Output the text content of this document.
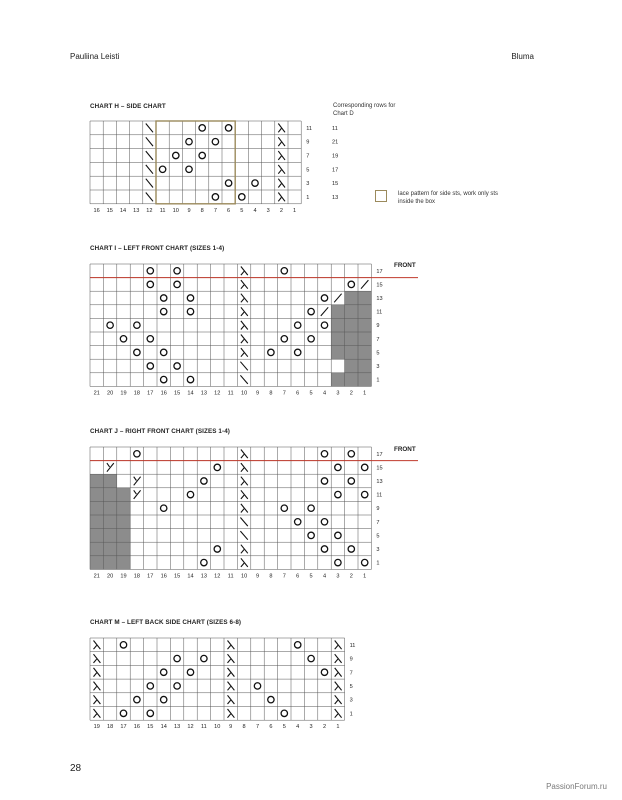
Pauliina Leisti	Bluma
CHART H – SIDE CHART	Corresponding rows for Chart D
11
9
7
5
3
1
16 15 14 13 12 11 10 9 8 7 6 5 4 3 2 1
11
21
19
17
15
13
lace pattern for side sts, work only sts inside the box
CHART I – LEFT FRONT CHART (SIZES 1-4)
FRONT
17
15
13
11
9
7
5
3
1
21 20 19 18 17 16 15 14 13 12 11 10 9 8 7 6 5 4 3 2 1
CHART J – RIGHT FRONT CHART (SIZES 1-4)
FRONT
17
15
13
11
9
7
5
3
1
21 20 19 18 17 16 15 14 13 12 11 10 9 8 7 6 5 4 3 2 1
CHART M – LEFT BACK SIDE CHART (SIZES 6-8)
11
9
7
5
3
1
19 18 17 16 15 14 13 12 11 10 9 8 7 6 5 4 3 2 1
28
PassionForum.ru
